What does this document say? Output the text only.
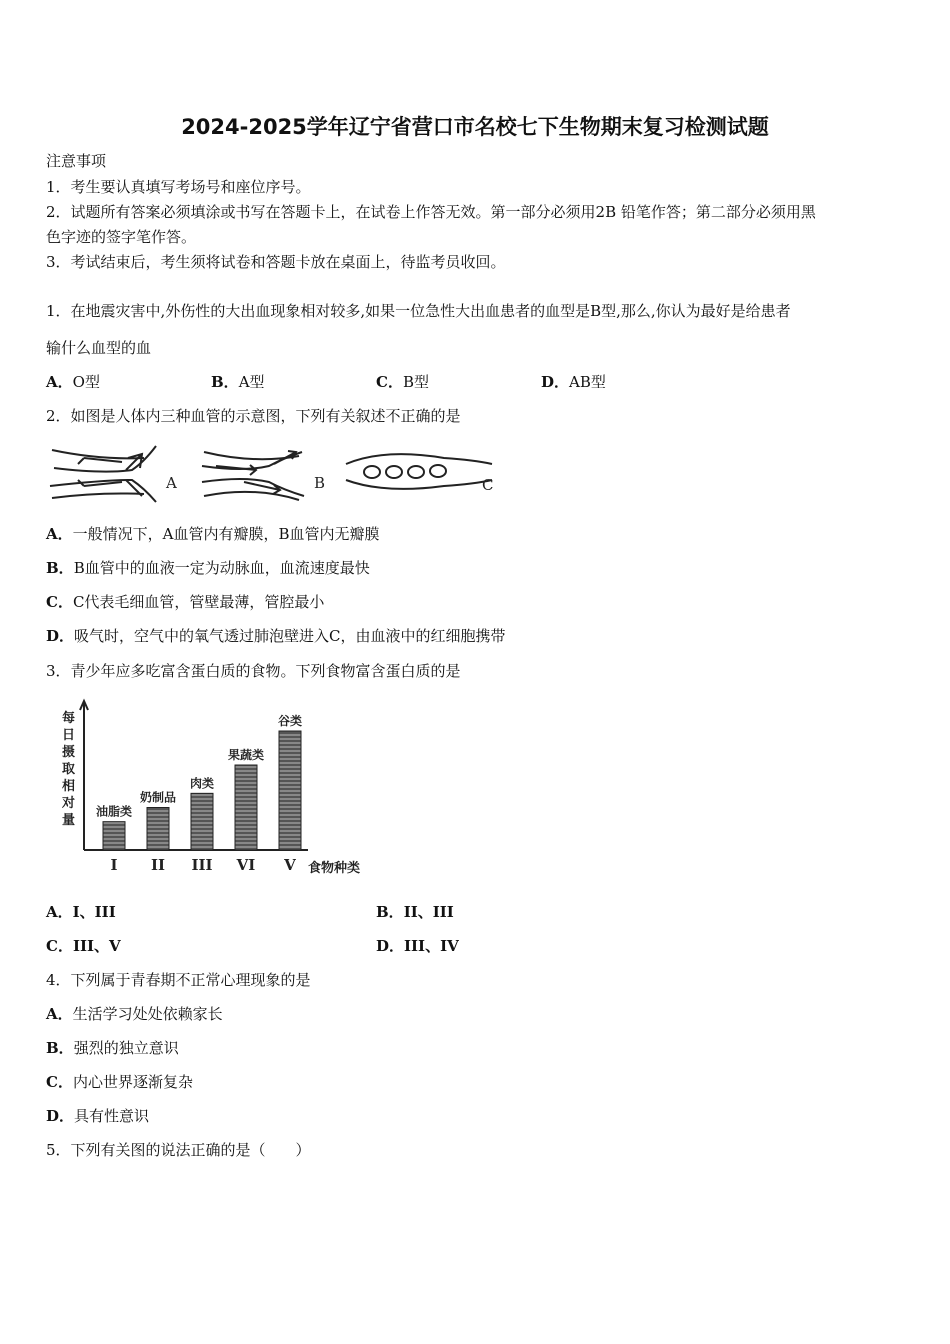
2024-2025学年辽宁省营口市名校七下生物期末复习检测试题
注意事项
1．考生要认真填写考场号和座位序号。
2．试题所有答案必须填涂或书写在答题卡上，在试卷上作答无效。第一部分必须用2B 铅笔作答；第二部分必须用黑
色字迹的签字笔作答。
3．考试结束后，考生须将试卷和答题卡放在桌面上，待监考员收回。
1．在地震灾害中,外伤性的大出血现象相对较多,如果一位急性大出血患者的血型是B型,那么,你认为最好是给患者
输什么血型的血
A．O型	B．A型	C．B型	D．AB型
2．如图是人体内三种血管的示意图，下列有关叙述不正确的是
A	B	C
A．一般情况下，A血管内有瓣膜，B血管内无瓣膜
B．B血管中的血液一定为动脉血，血流速度最快
C．C代表毛细血管，管壁最薄，管腔最小
D．吸气时，空气中的氧气透过肺泡壁进入C，由血液中的红细胞携带
3．青少年应多吃富含蛋白质的食物。下列食物富含蛋白质的是
每日摄取相对量
食物种类
油脂类
I
奶制品
II
肉类
III
果蔬类
VI
谷类
V
A．I、III	B．II、III
C．III、V	D．III、IV
4．下列属于青春期不正常心理现象的是
A．生活学习处处依赖家长
B．强烈的独立意识
C．内心世界逐渐复杂
D．具有性意识
5．下列有关图的说法正确的是（　　）
